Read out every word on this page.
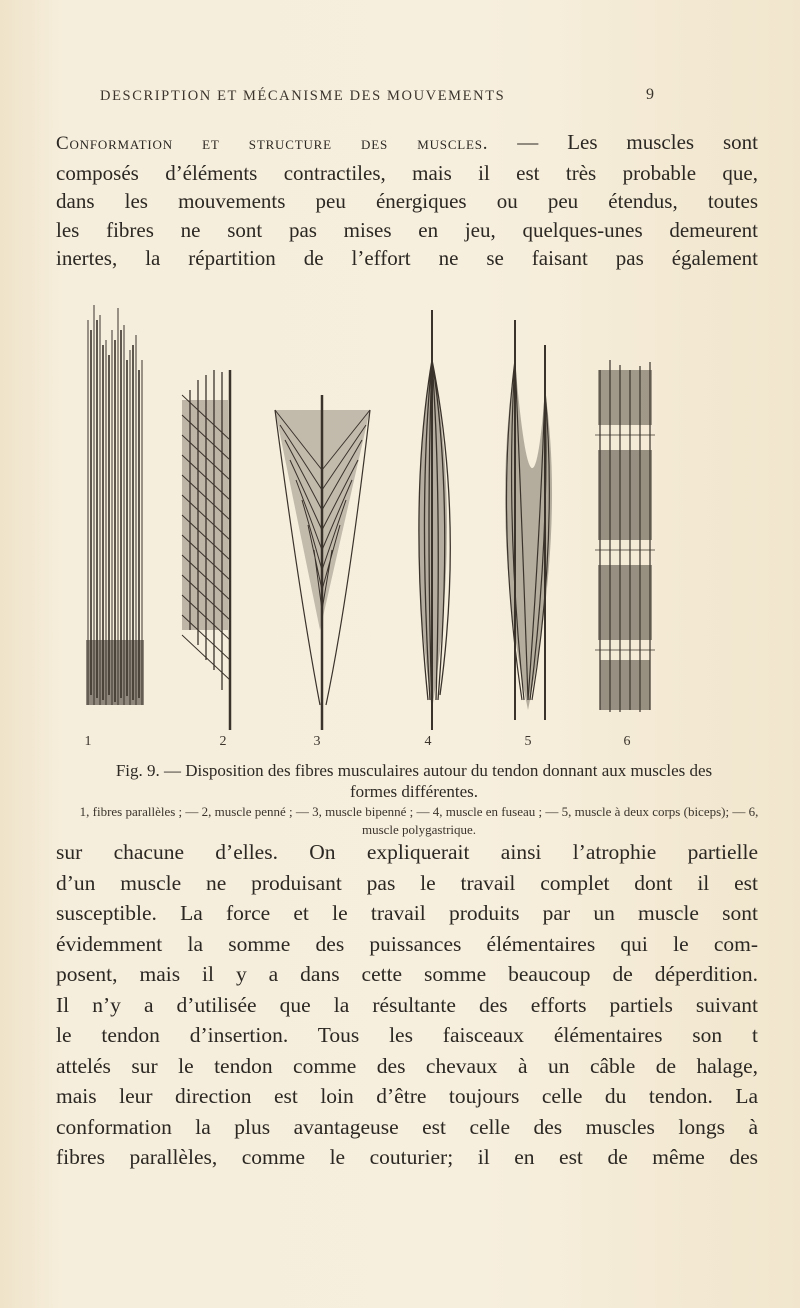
DESCRIPTION ET MÉCANISME DES MOUVEMENTS	9
Conformation et structure des muscles. — Les muscles sont
composés d’éléments contractiles, mais il est très probable que,
dans les mouvements peu énergiques ou peu étendus, toutes
les fibres ne sont pas mises en jeu, quelques-unes demeurent
inertes, la répartition de l’effort ne se faisant pas également
1	2	3	4	5	6
Fig. 9. — Disposition des fibres musculaires autour du tendon donnant aux muscles des formes différentes.
1, fibres parallèles ; — 2, muscle penné ; — 3, muscle bipenné ; — 4, muscle en fuseau ; — 5, muscle à deux corps (biceps); — 6, muscle polygastrique.
sur chacune d’elles. On expliquerait ainsi l’atrophie partielle
d’un muscle ne produisant pas le travail complet dont il est
susceptible. La force et le travail produits par un muscle sont
évidemment la somme des puissances élémentaires qui le com-
posent, mais il y a dans cette somme beaucoup de déperdition.
Il n’y a d’utilisée que la résultante des efforts partiels suivant
le tendon d’insertion. Tous les faisceaux élémentaires son t
attelés sur le tendon comme des chevaux à un câble de halage,
mais leur direction est loin d’être toujours celle du tendon. La
conformation la plus avantageuse est celle des muscles longs à
fibres parallèles, comme le couturier; il en est de même des
